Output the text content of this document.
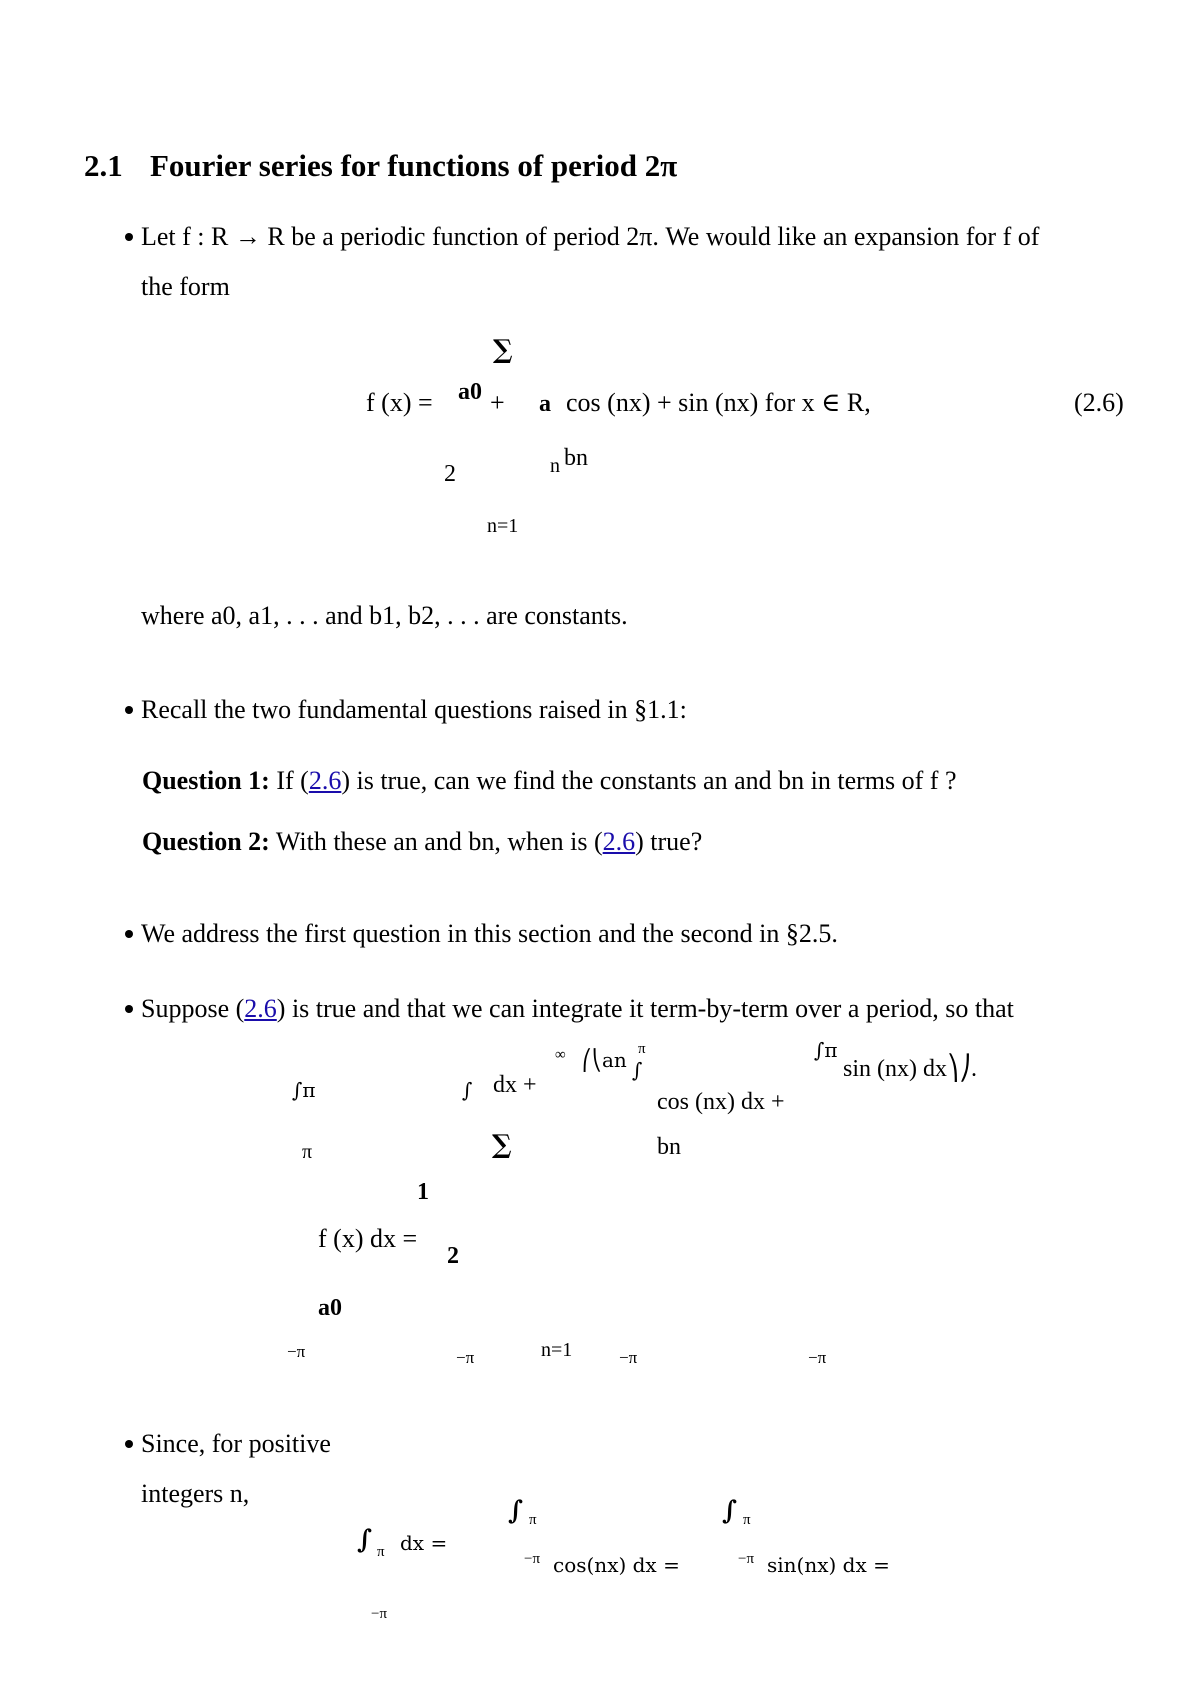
2.1 Fourier series for functions of period 2π
Let f : R → R be a periodic function of period 2π. We would like an expansion for f of
the form
∑
f (x) = a0 + a cos (nx) + sin (nx) for x ∈ R,	(2.6)
2	n bn
n=1
where a0, a1, . . . and b1, b2, . . . are constants.
Recall the two fundamental questions raised in §1.1:
Question 1: If (2.6) is true, can we find the constants an and bn in terms of f ?
Question 2: With these an and bn, when is (2.6) true?
We address the first question in this section and the second in §2.5.
Suppose (2.6) is true and that we can integrate it term-by-term over a period, so that
∫π	∫ dx +
∞ ⎛⎝an π
∫
cos (nx) dx +
∫π
sin (nx) dx⎞⎠.
π	∑	bn
1
f (x) dx =
2
a0
−π	−π	n=1	−π	−π
Since, for positive
integers n,
∫ π	∫ π
∫ π dx =
−π cos(nx) dx =	−π sin(nx) dx =
−π
